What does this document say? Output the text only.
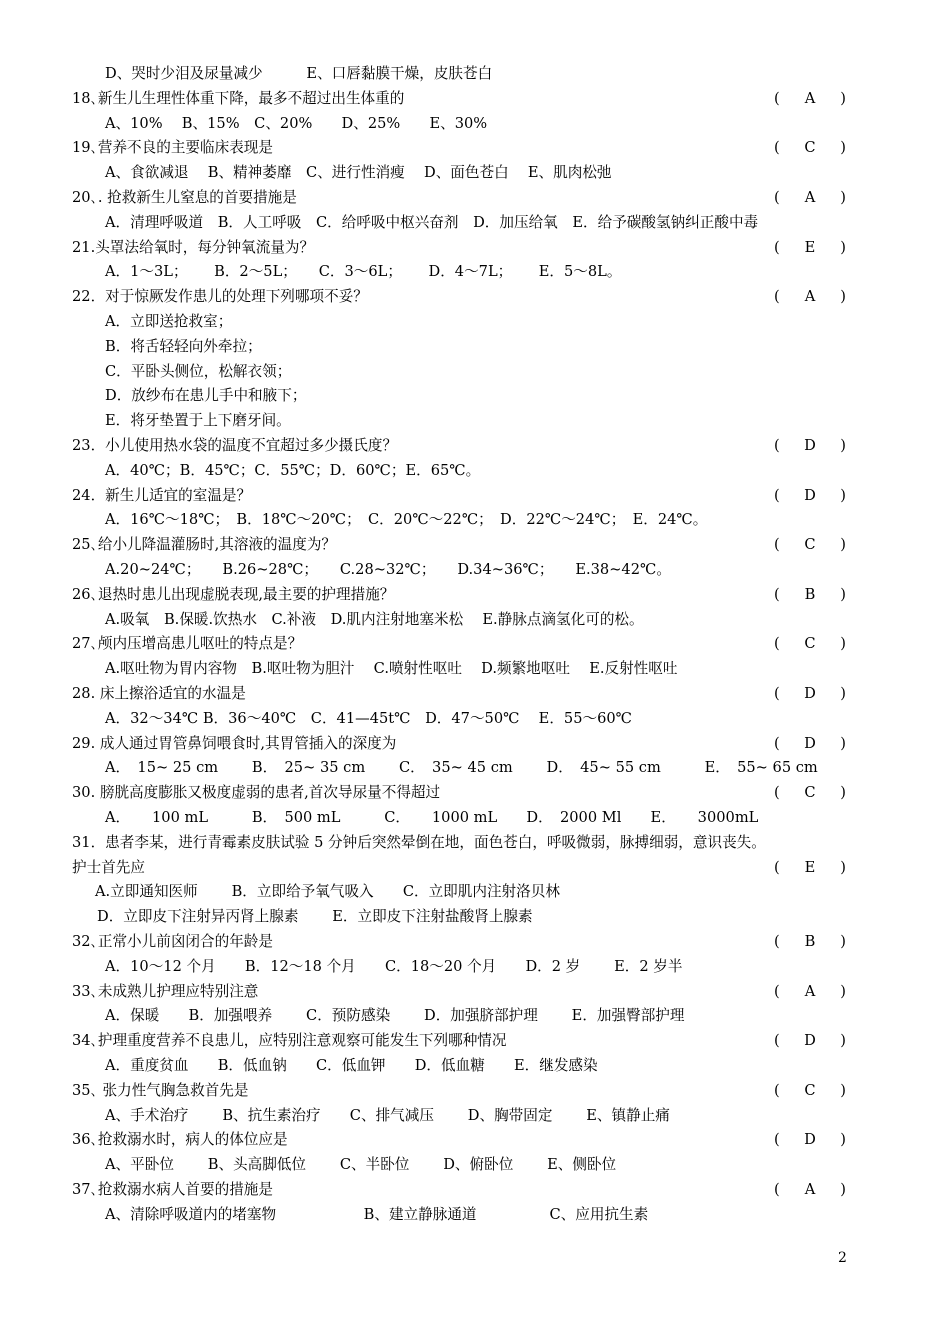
D、哭时少泪及尿量减少　　　E、口唇黏膜干燥，皮肤苍白
18､新生儿生理性体重下降，最多不超过出生体重的	( A )
A、10%　 B、15%　C、20%　　D、25%　　E、30%
19､营养不良的主要临床表现是	( C )
A、食欲减退　 B、精神萎靡　C、进行性消瘦　 D、面色苍白　 E、肌肉松弛
20､. 抢救新生儿窒息的首要措施是	( A )
A．清理呼吸道　B．人工呼吸　C．给呼吸中枢兴奋剂　D．加压给氧　E．给予碳酸氢钠纠正酸中毒
21.头罩法给氧时，每分钟氧流量为？	( E )
A．1～3L；　　 B．2～5L；　　C．3～6L；　　 D．4～7L；　　 E．5～8L。
22．对于惊厥发作患儿的处理下列哪项不妥？	( A )
A．立即送抢救室；
B．将舌轻轻向外牵拉；
C．平卧头侧位，松解衣领；
D．放纱布在患儿手中和腋下；
E．将牙垫置于上下磨牙间。
23．小儿使用热水袋的温度不宜超过多少摄氏度？	( D )
A．40℃；B．45℃；C．55℃；D．60℃；E．65℃。
24．新生儿适宜的室温是？	( D )
A．16℃～18℃；　B．18℃～20℃；　C．20℃～22℃；　D．22℃～24℃；　E．24℃。
25､给小儿降温灌肠时,其溶液的温度为？	( C )
A.20~24℃；　　B.26~28℃；　　C.28~32℃；　　D.34~36℃；　　E.38~42℃。
26､退热时患儿出现虚脱表现,最主要的护理措施？	( B )
A.吸氧　B.保暖.饮热水　C.补液　D.肌内注射地塞米松　 E.静脉点滴氢化可的松。
27､颅内压增高患儿呕吐的特点是？	( C )
A.呕吐物为胃内容物　B.呕吐物为胆汁　 C.喷射性呕吐　 D.频繁地呕吐　 E.反射性呕吐
28. 床上擦浴适宜的水温是	( D )
A．32～34℃ B．36～40℃　C．41—45t℃　D．47～50℃　 E．55～60℃
29. 成人通过胃管鼻饲喂食时,其胃管插入的深度为	( D )
A．　15~ 25 cm　　 B．　25~ 35 cm　　 C．　35~ 45 cm　　 D．　45~ 55 cm　　　E．　55~ 65 cm
30. 膀胱高度膨胀又极度虚弱的患者,首次导尿量不得超过	( C )
A．　　100 mL　　　B．　500 mL　　　C．　　1000 mL　　D．　2000 Ml　　E．　　3000mL
31．患者李某，进行青霉素皮肤试验 5 分钟后突然晕倒在地，面色苍白，呼吸微弱，脉搏细弱，意识丧失。
护士首先应	( E )
A.立即通知医师　　 B．立即给予氧气吸入　　C．立即肌内注射洛贝林
D．立即皮下注射异丙肾上腺素　　 E．立即皮下注射盐酸肾上腺素
32､正常小儿前囟闭合的年龄是	( B )
A．10～12 个月　　B．12～18 个月　　C．18～20 个月　　D．2 岁　　 E．2 岁半
33､未成熟儿护理应特别注意	( A )
A．保暖　　B．加强喂养　　 C．预防感染　　 D．加强脐部护理　　 E．加强臀部护理
34､护理重度营养不良患儿，应特别注意观察可能发生下列哪种情况	( D )
A．重度贫血　　B．低血钠　　C．低血钾　　D．低血糖　　E．继发感染
35､ 张力性气胸急救首先是	( C )
A、手术治疗　　 B、抗生素治疗　　C、排气减压　　 D、胸带固定　　 E、镇静止痛
36､抢救溺水时，病人的体位应是	( D )
A、平卧位　　 B、头高脚低位　　 C、半卧位　　 D、俯卧位　　 E、侧卧位
37､抢救溺水病人首要的措施是	( A )
A、清除呼吸道内的堵塞物　　　　　　B、建立静脉通道　　　　　C、应用抗生素
2
